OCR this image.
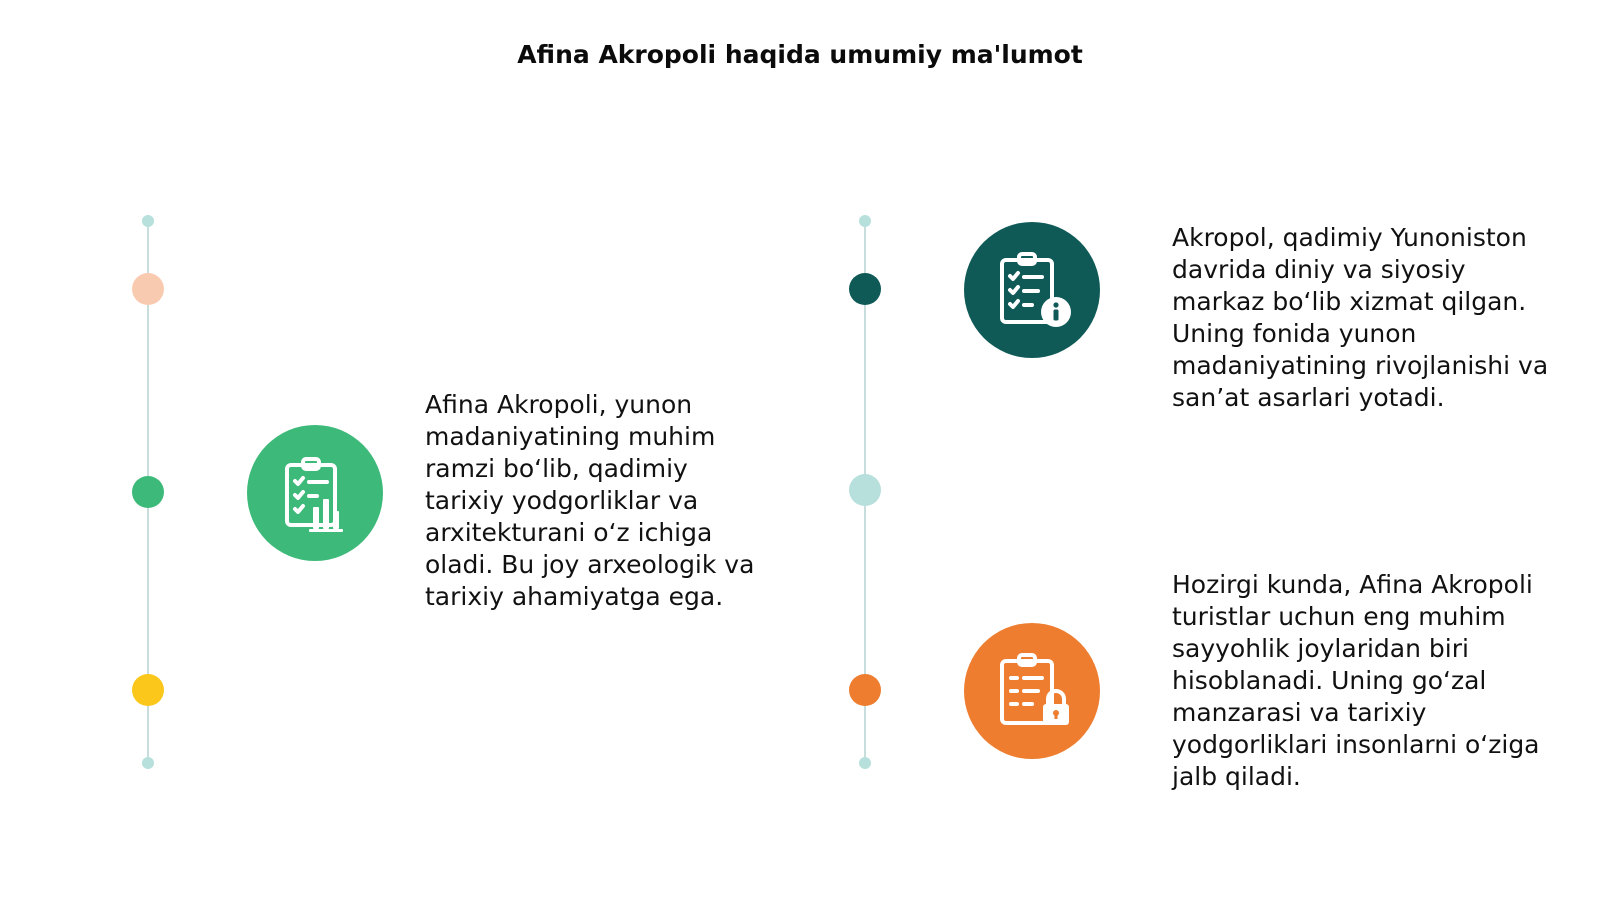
Afina Akropoli haqida umumiy ma'lumot
Afina Akropoli, yunon madaniyatining muhim ramzi bo‘lib, qadimiy tarixiy yodgorliklar va arxitekturani o‘z ichiga oladi. Bu joy arxeologik va tarixiy ahamiyatga ega.
Akropol, qadimiy Yunoniston davrida diniy va siyosiy markaz bo‘lib xizmat qilgan. Uning fonida yunon madaniyatining rivojlanishi va san’at asarlari yotadi.
Hozirgi kunda, Afina Akropoli turistlar uchun eng muhim sayyohlik joylaridan biri hisoblanadi. Uning go‘zal manzarasi va tarixiy yodgorliklari insonlarni o‘ziga jalb qiladi.
